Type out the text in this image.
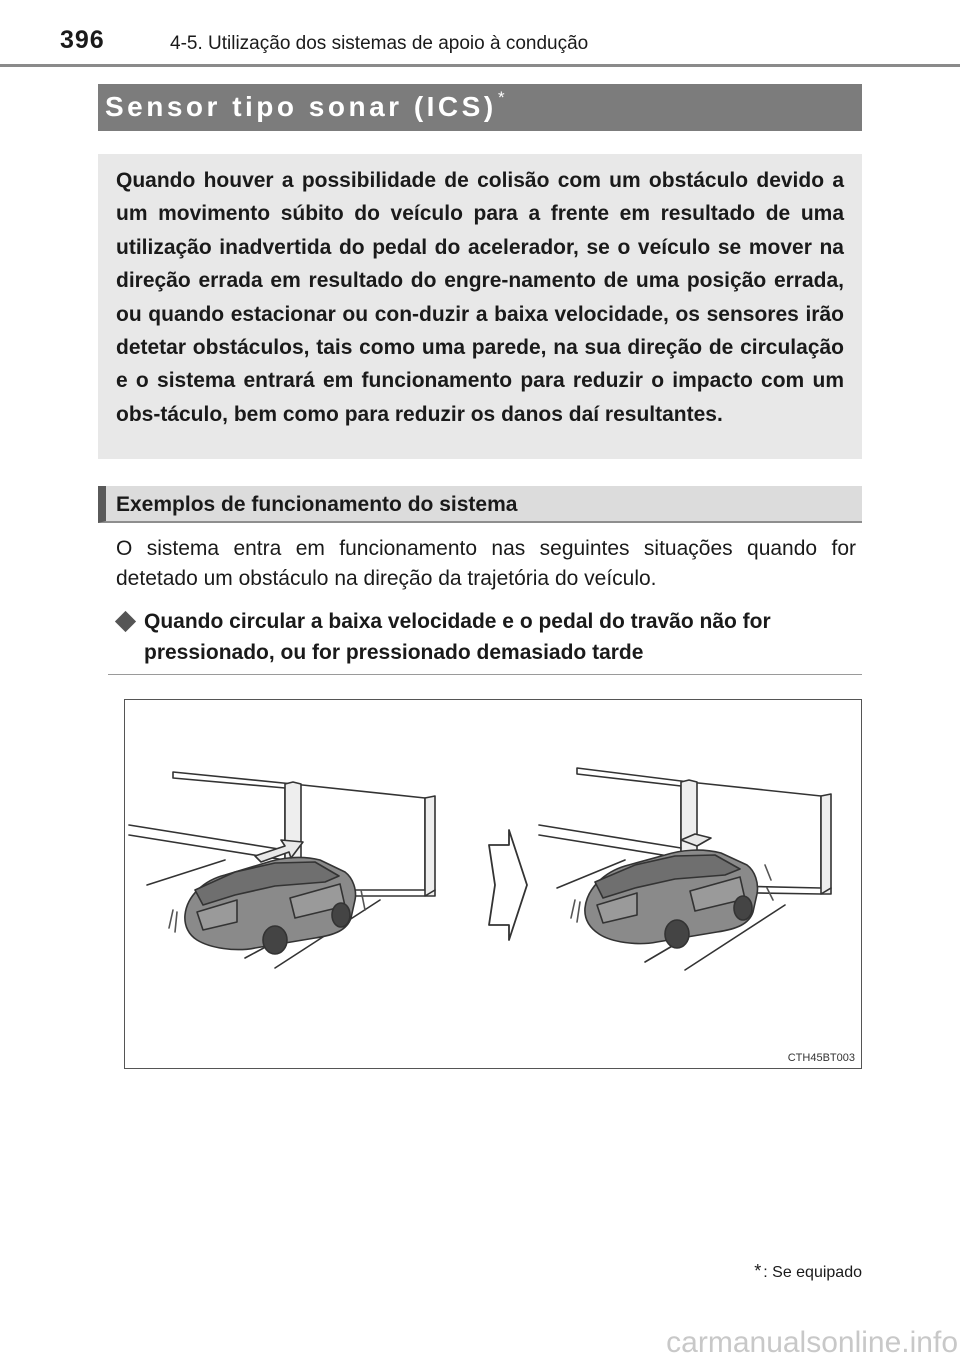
396	4-5. Utilização dos sistemas de apoio à condução
Sensor tipo sonar (ICS) *

Quando houver a possibilidade de colisão com um obstáculo devido a um movimento súbito do veículo para a frente em resultado de uma utilização inadvertida do pedal do acelerador, se o veículo se mover na direção errada em resultado do engre-namento de uma posição errada, ou quando estacionar ou con-duzir a baixa velocidade, os sensores irão detetar obstáculos, tais como uma parede, na sua direção de circulação e o sistema entrará em funcionamento para reduzir o impacto com um obs-táculo, bem como para reduzir os danos daí resultantes.

Exemplos de funcionamento do sistema

O sistema entra em funcionamento nas seguintes situações quando for detetado um obstáculo na direção da trajetória do veículo.

Quando circular a baixa velocidade e o pedal do travão não for pressionado, ou for pressionado demasiado tarde

CTH45BT003
* : Se equipado
carmanualsonline.info
